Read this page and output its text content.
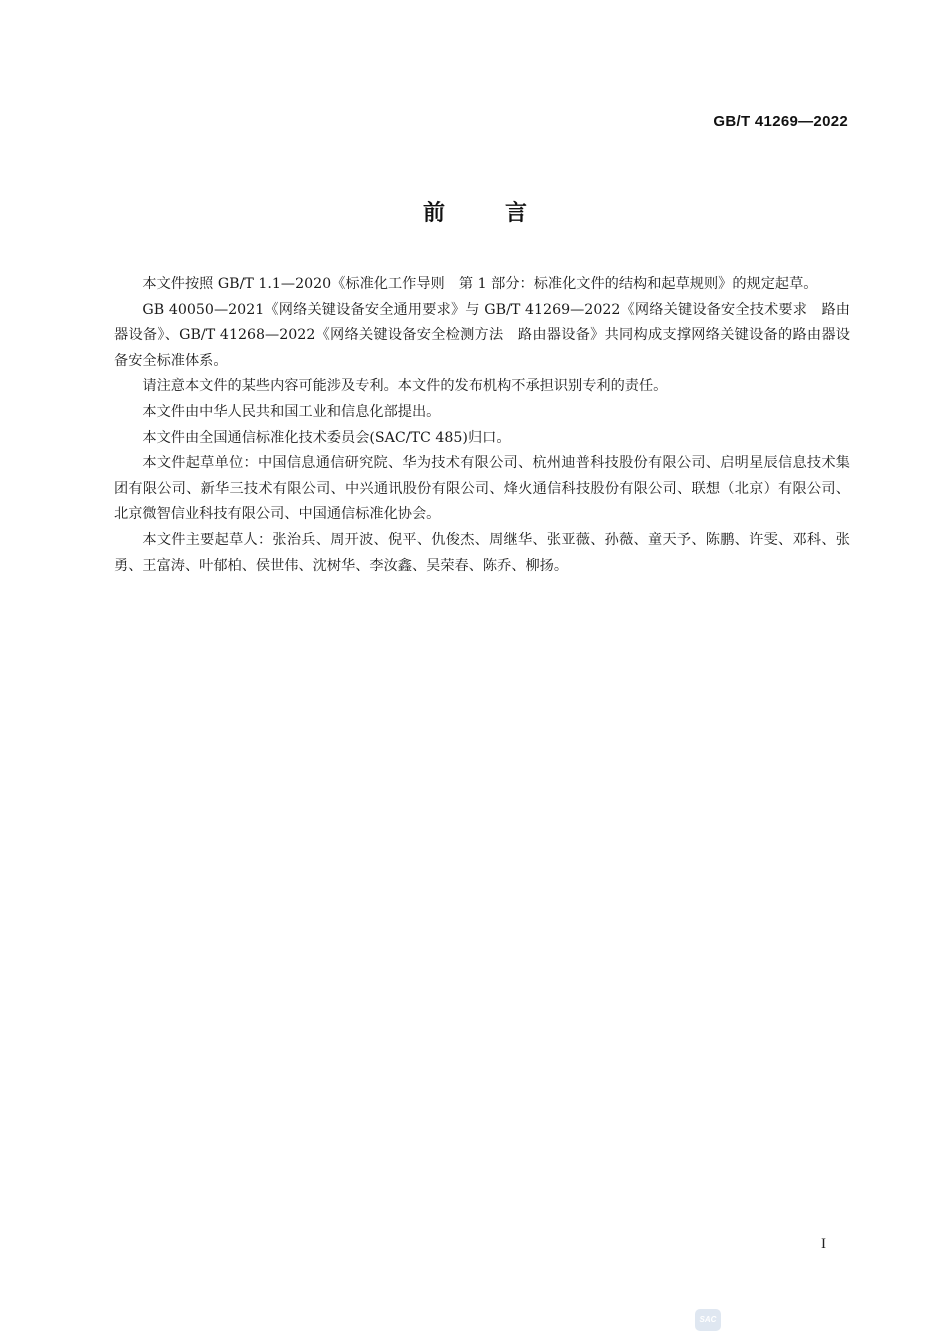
GB/T 41269—2022
前言

本文件按照 GB/T 1.1—2020《标准化工作导则　第 1 部分：标准化文件的结构和起草规则》的规定起草。

GB 40050—2021《网络关键设备安全通用要求》与 GB/T 41269—2022《网络关键设备安全技术要求　路由器设备》、GB/T 41268—2022《网络关键设备安全检测方法　路由器设备》共同构成支撑网络关键设备的路由器设备安全标准体系。

请注意本文件的某些内容可能涉及专利。本文件的发布机构不承担识别专利的责任。

本文件由中华人民共和国工业和信息化部提出。

本文件由全国通信标准化技术委员会(SAC/TC 485)归口。

本文件起草单位：中国信息通信研究院、华为技术有限公司、杭州迪普科技股份有限公司、启明星辰信息技术集团有限公司、新华三技术有限公司、中兴通讯股份有限公司、烽火通信科技股份有限公司、联想（北京）有限公司、北京微智信业科技有限公司、中国通信标准化协会。

本文件主要起草人：张治兵、周开波、倪平、仇俊杰、周继华、张亚薇、孙薇、童天予、陈鹏、许雯、邓科、张勇、王富涛、叶郁柏、侯世伟、沈树华、李汝鑫、吴荣春、陈乔、柳扬。

I
SAC
